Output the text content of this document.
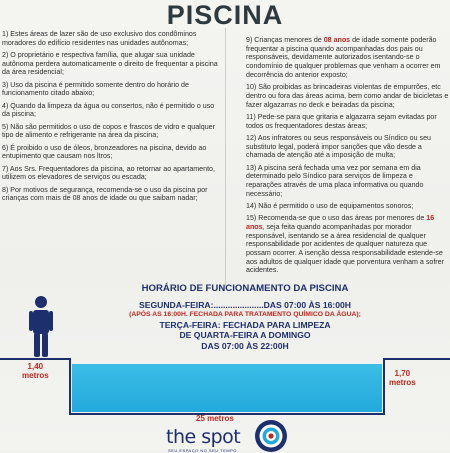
PISCINA
1) Estes áreas de lazer são de uso exclusivo dos condôminos moradores do edifício residentes nas unidades autônomas;
2) O proprietário e respectiva família, que alugar sua unidade autônoma perdera automaticamente o direito de frequentar a piscina da área residencial;
3) Uso da piscina é permitido somente dentro do horário de funcionamento citado abaixo;
4) Quando da limpeza da água ou consertos, não é permitido o uso da piscina;
5) Não são permitidos o uso de copos e frascos de vidro e qualquer tipo de alimento e refrigerante na área da piscina;
6) É proibido o uso de óleos, bronzeadores na piscina, devido ao entupimento que causam nos ltros;
7) Aos Srs. Frequentadores da piscina, ao retornar ao apartamento, utilizem os elevadores de serviços ou escada;
8) Por motivos de segurança, recomenda-se o uso da piscina por crianças com mais de 08 anos de idade ou que saibam nadar;
9) Crianças menores de 08 anos de idade somente poderão frequentar a piscina quando acompanhadas dos pais ou responsáveis, devidamente autorizados isentando-se o condomínio de qualquer problemas que venham a ocorrer em decorrência do anterior exposto;
10) São proibidas as brincadeiras violentas de empurrões, etc dentro ou fora das áreas acima, bem como andar de bicicletas e fazer algazarras no deck e beiradas da piscina;
11) Pede-se para que gritaria e algazarra sejam evitadas por todos os frequentadores destas áreas;
12) Aos infratores ou seus responsáveis ou Síndico ou seu substituto legal, poderá impor sanções que vão desde a chamada de atenção até a imposição de multa;
13) A piscina será fechada uma vez por semana em dia determinado pelo Síndico para serviços de limpeza e reparações através de uma placa informativa ou quando necessário;
14) Não é permitido o uso de equipamentos sonoros;
15) Recomenda-se que o uso das áreas por menores de 16 anos, seja feita quando acompanhadas por morador responsável, isentando se a área residencial de qualquer responsabilidade por acidentes de qualquer natureza que possam ocorrer. A isenção dessa responsabilidade estende-se aos adultos de qualquer idade que porventura venham a sofrer acidentes.
HORÁRIO DE FUNCIONAMENTO DA PISCINA
SEGUNDA-FEIRA:.....................DAS 07:00 ÀS 16:00H
(APÓS AS 16:00H. FECHADA PARA TRATAMENTO QUÍMICO DA ÁGUA);
TERÇA-FEIRA: FECHADA PARA LIMPEZA
DE QUARTA-FEIRA A DOMINGO
DAS 07:00 ÀS 22:00H
1,40
metros	1,70
metros
25 metros
the spot
SEU ESPAÇO NO SEU TEMPO
